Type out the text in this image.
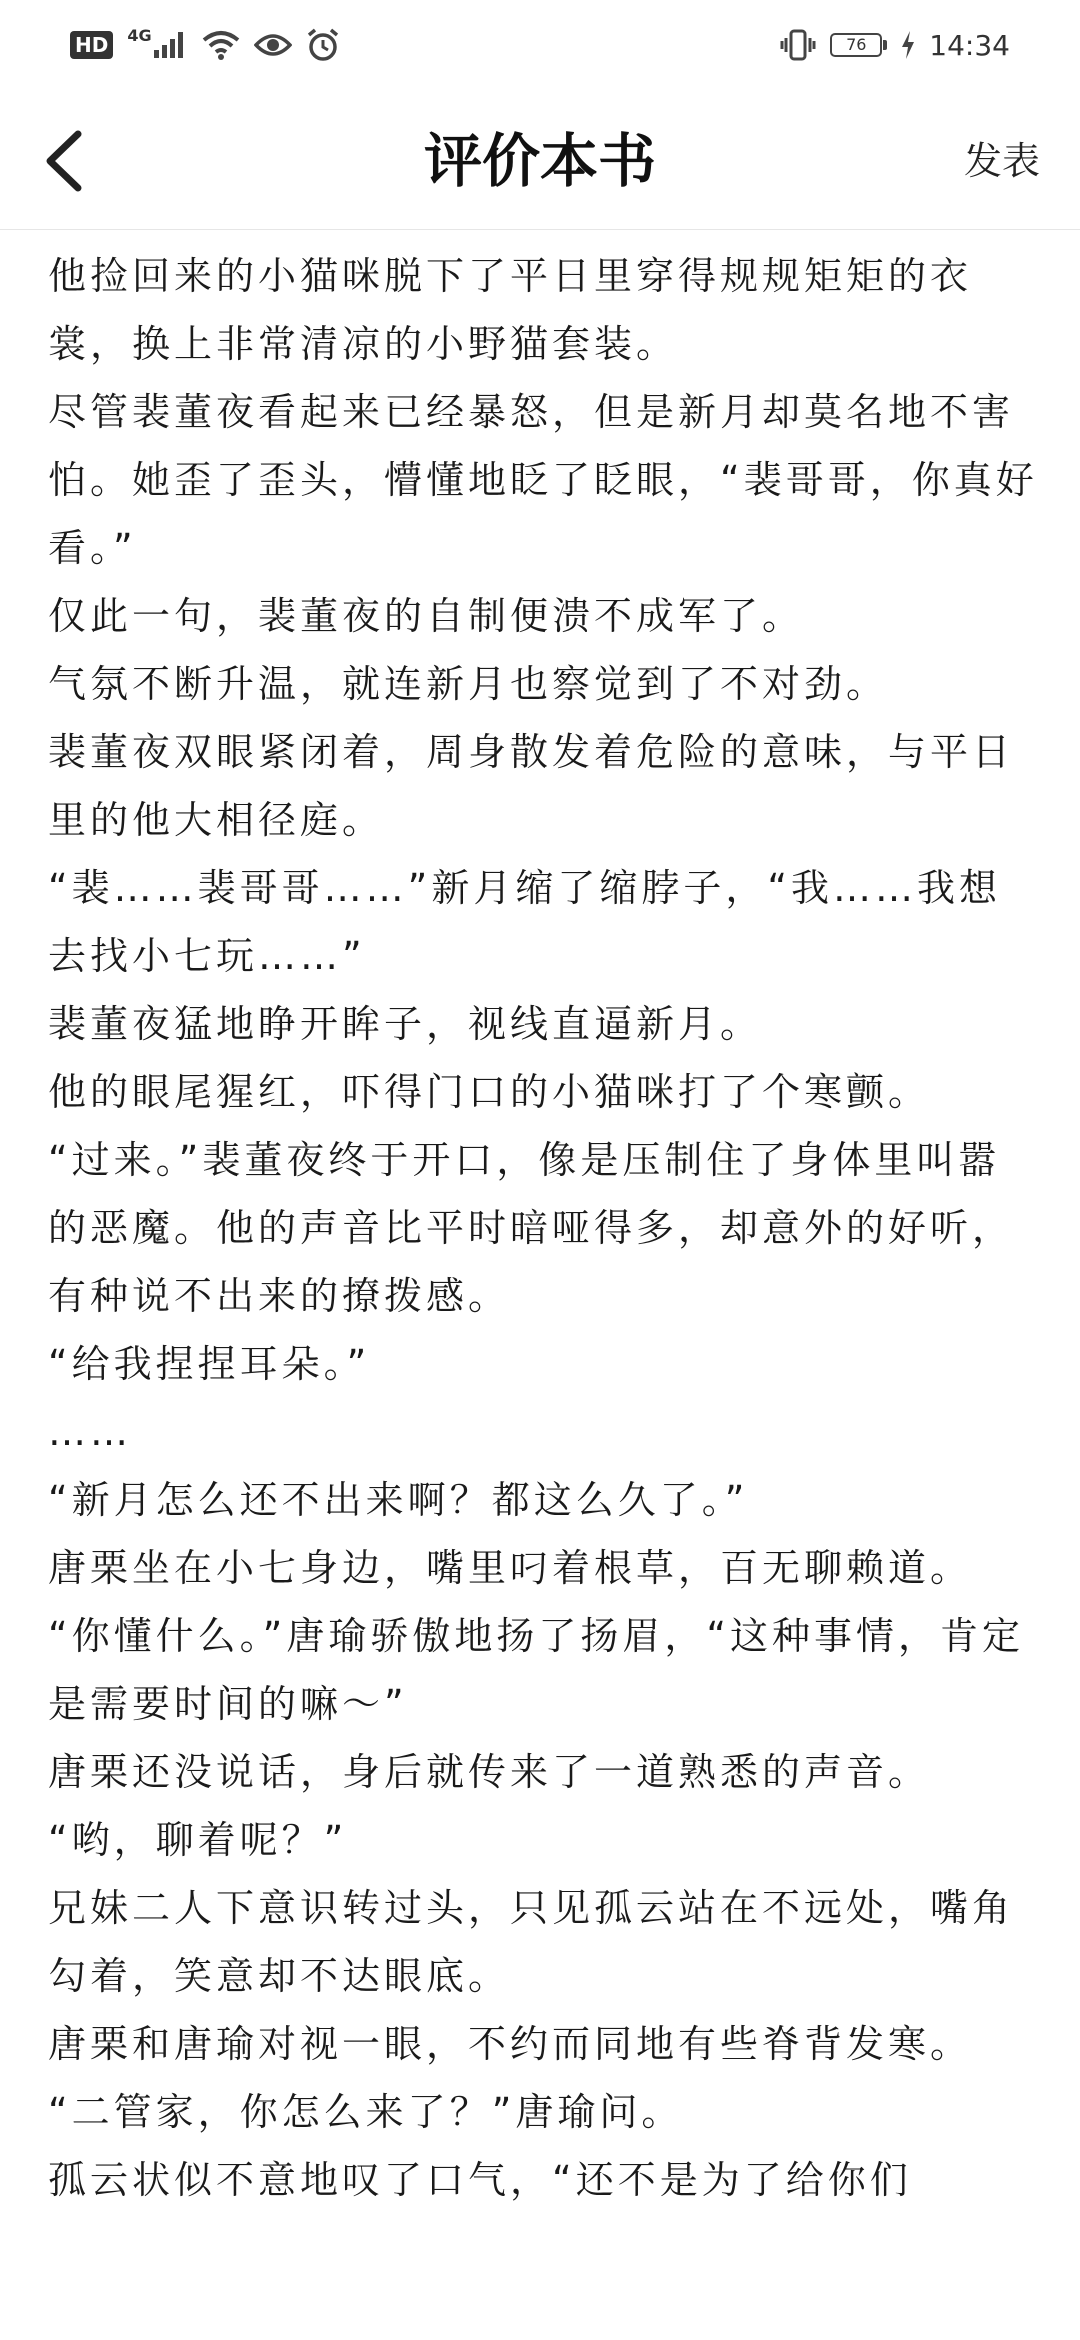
HD	4G	76	14:34
评价本书	发表

他捡回来的小猫咪脱下了平日里穿得规规矩矩的衣裳，换上非常清凉的小野猫套装。

尽管裴董夜看起来已经暴怒，但是新月却莫名地不害怕。她歪了歪头，懵懂地眨了眨眼，“裴哥哥，你真好看。”

仅此一句，裴董夜的自制便溃不成军了。

气氛不断升温，就连新月也察觉到了不对劲。

裴董夜双眼紧闭着，周身散发着危险的意味，与平日里的他大相径庭。

“裴……裴哥哥……”新月缩了缩脖子，“我……我想去找小七玩……”

裴董夜猛地睁开眸子，视线直逼新月。

他的眼尾猩红，吓得门口的小猫咪打了个寒颤。

“过来。”裴董夜终于开口，像是压制住了身体里叫嚣的恶魔。他的声音比平时暗哑得多，却意外的好听，有种说不出来的撩拨感。

“给我捏捏耳朵。”

……

“新月怎么还不出来啊？都这么久了。”

唐栗坐在小七身边，嘴里叼着根草，百无聊赖道。

“你懂什么。”唐瑜骄傲地扬了扬眉，“这种事情，肯定是需要时间的嘛～”

唐栗还没说话，身后就传来了一道熟悉的声音。

“哟，聊着呢？”

兄妹二人下意识转过头，只见孤云站在不远处，嘴角勾着，笑意却不达眼底。

唐栗和唐瑜对视一眼，不约而同地有些脊背发寒。

“二管家，你怎么来了？”唐瑜问。

孤云状似不意地叹了口气，“还不是为了给你们
